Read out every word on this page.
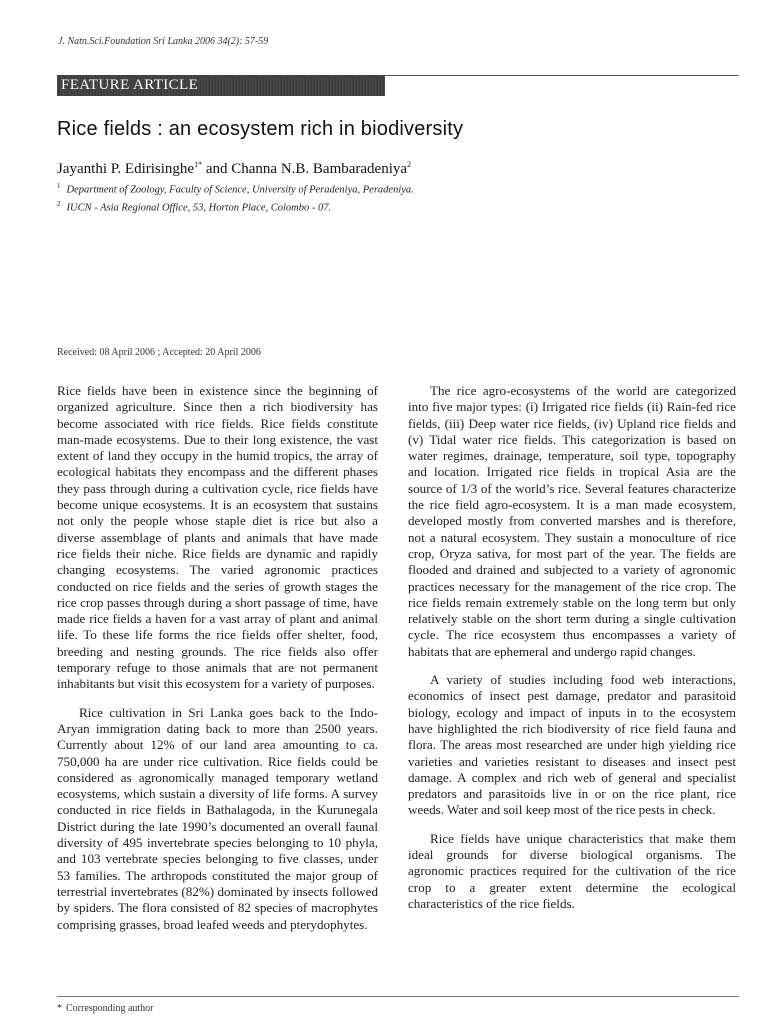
J. Natn.Sci.Foundation Sri Lanka 2006 34(2): 57-59
FEATURE ARTICLE
Rice fields : an ecosystem rich in biodiversity
Jayanthi P. Edirisinghe$^{1*}$ and Channa N.B. Bambaradeniya$^2$
$^1$ Department of Zoology, Faculty of Science, University of Peradeniya, Peradeniya.
$^2$ IUCN - Asia Regional Office, 53, Horton Place, Colombo - 07.
Received: 08 April 2006 ; Accepted: 20 April 2006

Rice fields have been in existence since the beginning of organized agriculture. Since then a rich biodiversity has become associated with rice fields. Rice fields constitute man-made ecosystems. Due to their long existence, the vast extent of land they occupy in the humid tropics, the array of ecological habitats they encompass and the different phases they pass through during a cultivation cycle, rice fields have become unique ecosystems. It is an ecosystem that sustains not only the people whose staple diet is rice but also a diverse assemblage of plants and animals that have made rice fields their niche. Rice fields are dynamic and rapidly changing ecosystems. The varied agronomic practices conducted on rice fields and the series of growth stages the rice crop passes through during a short passage of time, have made rice fields a haven for a vast array of plant and animal life. To these life forms the rice fields offer shelter, food, breeding and nesting grounds. The rice fields also offer temporary refuge to those animals that are not permanent inhabitants but visit this ecosystem for a variety of purposes.

Rice cultivation in Sri Lanka goes back to the Indo-Aryan immigration dating back to more than 2500 years. Currently about 12% of our land area amounting to ca. 750,000 ha are under rice cultivation. Rice fields could be considered as agronomically managed temporary wetland ecosystems, which sustain a diversity of life forms. A survey conducted in rice fields in Bathalagoda, in the Kurunegala District during the late 1990’s documented an overall faunal diversity of 495 invertebrate species belonging to 10 phyla, and 103 vertebrate species belonging to five classes, under 53 families. The arthropods constituted the major group of terrestrial invertebrates (82%) dominated by insects followed by spiders. The flora consisted of 82 species of macrophytes comprising grasses, broad leafed weeds and pterydophytes.

The rice agro-ecosystems of the world are categorized into five major types: (i) Irrigated rice fields (ii) Rain-fed rice fields, (iii) Deep water rice fields, (iv) Upland rice fields and (v) Tidal water rice fields. This categorization is based on water regimes, drainage, temperature, soil type, topography and location. Irrigated rice fields in tropical Asia are the source of 1/3 of the world’s rice. Several features characterize the rice field agro-ecosystem. It is a man made ecosystem, developed mostly from converted marshes and is therefore, not a natural ecosystem. They sustain a monoculture of rice crop, Oryza sativa, for most part of the year. The fields are flooded and drained and subjected to a variety of agronomic practices necessary for the management of the rice crop. The rice fields remain extremely stable on the long term but only relatively stable on the short term during a single cultivation cycle. The rice ecosystem thus encompasses a variety of habitats that are ephemeral and undergo rapid changes.

A variety of studies including food web interactions, economics of insect pest damage, predator and parasitoid biology, ecology and impact of inputs in to the ecosystem have highlighted the rich biodiversity of rice field fauna and flora. The areas most researched are under high yielding rice varieties and varieties resistant to diseases and insect pest damage. A complex and rich web of general and specialist predators and parasitoids live in or on the rice plant, rice weeds. Water and soil keep most of the rice pests in check.

Rice fields have unique characteristics that make them ideal grounds for diverse biological organisms. The agronomic practices required for the cultivation of the rice crop to a greater extent determine the ecological characteristics of the rice fields.

* Corresponding author
